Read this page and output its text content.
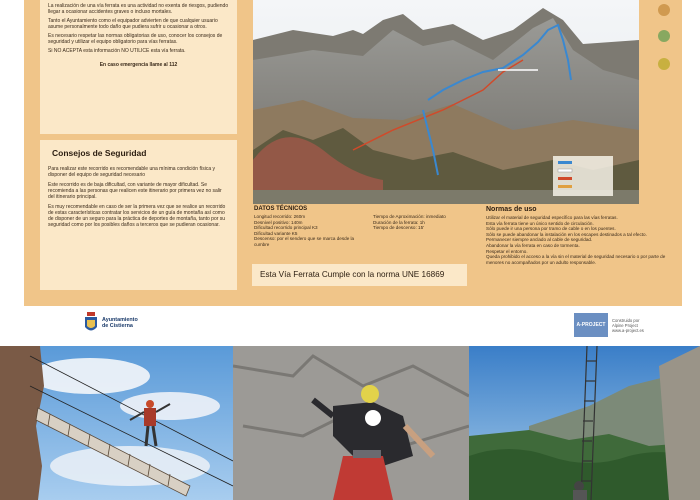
La realización de una vía ferrata es una actividad no exenta de riesgos, pudiendo llegar a ocasionar accidentes graves o incluso mortales.

Tanto el Ayuntamiento como el equipador advierten de que cualquier usuario asume personalmente todo daño que pudiera sufrir u ocasionar a otros.

Es necesario respetar las normas obligatorias de uso, conocer los consejos de seguridad y utilizar el equipo obligatorio para vías ferratas.

Si NO ACEPTA esta información NO UTILICE esta vía ferrata.

En caso emergencia llame al 112

Consejos de Seguridad

Para realizar este recorrido es recomendable una mínima condición física y disponer del equipo de seguridad necesario

Este recorrido es de baja dificultad, con variante de mayor dificultad. Se recomienda a las personas que realicen este itinerario por primera vez no salir del itinerario principal.

Es muy recomendable en caso de ser la primera vez que se realice un recorrido de estas características contratar los servicios de un guía de montaña así como de disponer de un seguro para la práctica de deportes de montaña, tanto por su seguridad como por los posibles daños a terceros que se pudieran ocasionar.

DATOS TÉCNICOS
Longitud recorrido: 260m
Desnivel positivo: 140m
Dificultad recorrido principal K3
Dificultad variante K5
Descenso: por el sendero que se marca desde la cumbre
Tiempo de Aproximación: inmediato
Duración de la ferrata: 1h
Tiempo de descenso: 15'
Normas de uso
Utilizar el material de seguridad específico para las vías ferratas.
Esta vía ferrata tiene un único sentido de circulación.
Sólo puede ir una persona por tramo de cable o en los puentes.
Sólo se puede abandonar la instalación en los escapes destinados a tal efecto.
Permanecer siempre anclado al cable de seguridad.
Abandonar la vía ferrata en caso de tormenta.
Respetar el entorno.
Queda prohibido el acceso a la vía sin el material de seguridad necesario o por parte de menores no acompañados por un adulto responsable.
Esta Vía Ferrata Cumple con la norma UNE 16869
Ayuntamiento
de Cistierna	A-PROJECT
Construido por
Alpine Project
www.a-project.es
